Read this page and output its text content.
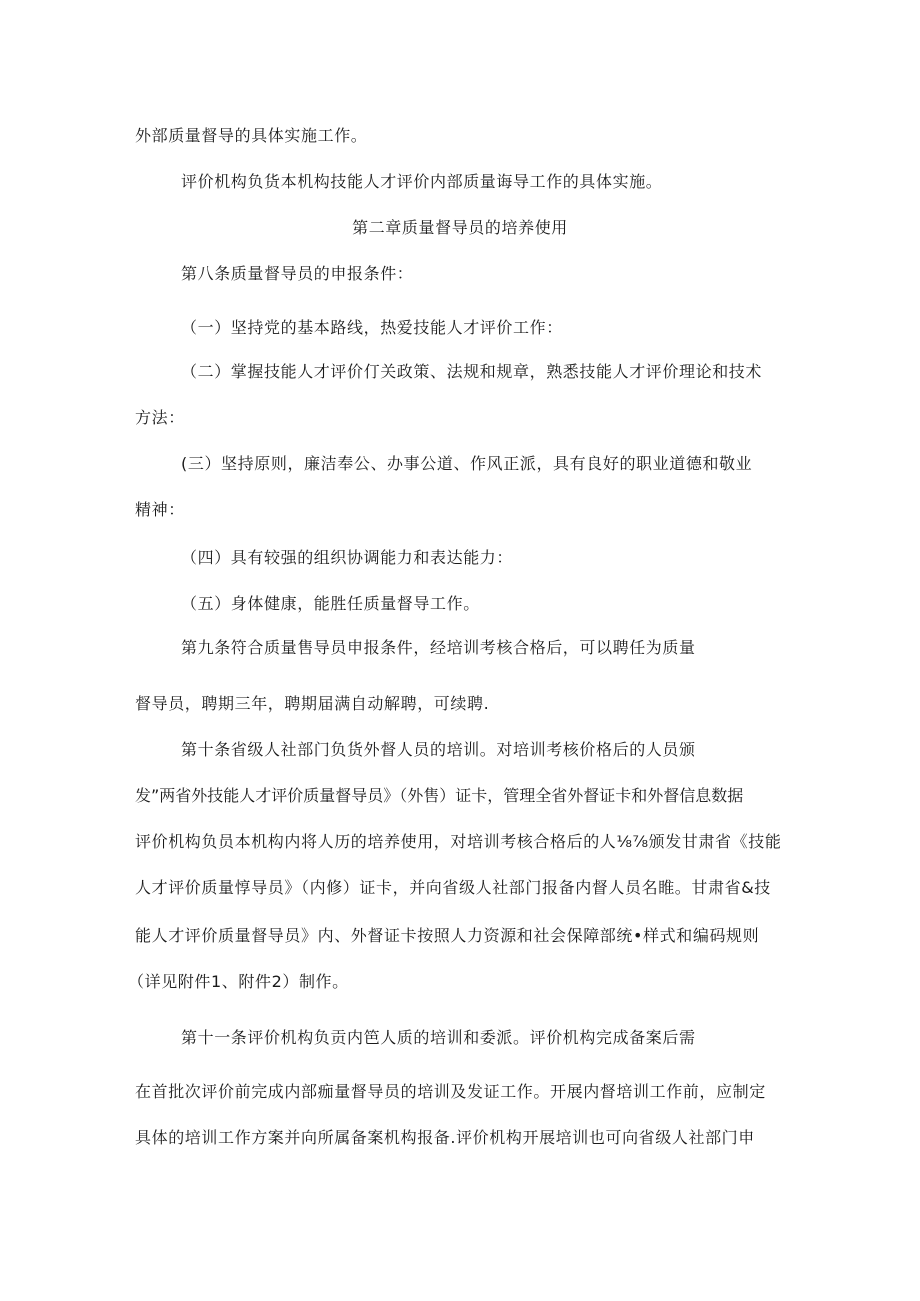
外部质量督导的具体实施工作。
评价机构负货本机构技能人才评价内部质量诲导工作的具体实施。
第二章质量督导员的培养使用
第八条质量督导员的申报条件：
（一）坚持党的基本路线，热爱技能人才评价工作：
（二）掌握技能人才评价仃关政策、法规和规章，熟悉技能人才评价理论和技术
方法：
(三）坚持原则，廉洁奉公、办事公道、作风正派，具有良好的职业道德和敬业
精神：
（四）具有较强的组织协调能力和表达能力：
（五）身体健康，能胜任质量督导工作。
第九条符合质量售导员申报条件，经培训考核合格后，可以聘任为质量
督导员，聘期三年，聘期届满自动解聘，可续聘.
第十条省级人社部门负货外督人员的培训。对培训考核价格后的人员颁
发”两省外技能人才评价质量督导员》（外售）证卡，管理全省外督证卡和外督信息数据
评价机构负员本机构内将人历的培养使用，对培训考核合格后的人⅛⅞颁发甘肃省《技能
人才评价质量惇导员》（内修）证卡，并向省级人社部门报备内督人员名睢。甘肃省&技
能人才评价质量督导员》内、外督证卡按照人力资源和社会保障部统•样式和编码规则
（详见附件1、附件2）制作。
第十一条评价机构负贡内笆人质的培训和委派。评价机构完成备案后需
在首批次评价前完成内部痂量督导员的培训及发证工作。开展内督培训工作前，应制定
具体的培训工作方案并向所属备案机构报备.评价机构开展培训也可向省级人社部门申
